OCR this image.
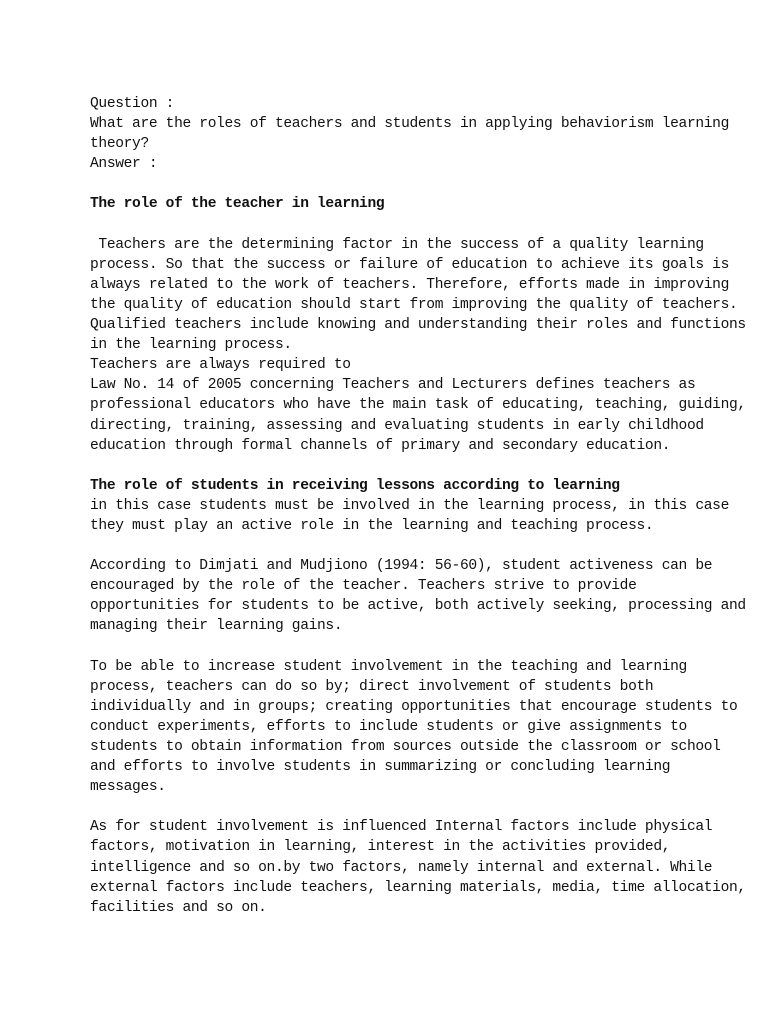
Question :
What are the roles of teachers and students in applying behaviorism learning
theory?
Answer :
The role of the teacher in learning
Teachers are the determining factor in the success of a quality learning
process. So that the success or failure of education to achieve its goals is
always related to the work of teachers. Therefore, efforts made in improving
the quality of education should start from improving the quality of teachers.
Qualified teachers include knowing and understanding their roles and functions
in the learning process.
Teachers are always required to
Law No. 14 of 2005 concerning Teachers and Lecturers defines teachers as
professional educators who have the main task of educating, teaching, guiding,
directing, training, assessing and evaluating students in early childhood
education through formal channels of primary and secondary education.
The role of students in receiving lessons according to learning
in this case students must be involved in the learning process, in this case
they must play an active role in the learning and teaching process.
According to Dimjati and Mudjiono (1994: 56-60), student activeness can be
encouraged by the role of the teacher. Teachers strive to provide
opportunities for students to be active, both actively seeking, processing and
managing their learning gains.
To be able to increase student involvement in the teaching and learning
process, teachers can do so by; direct involvement of students both
individually and in groups; creating opportunities that encourage students to
conduct experiments, efforts to include students or give assignments to
students to obtain information from sources outside the classroom or school
and efforts to involve students in summarizing or concluding learning
messages.
As for student involvement is influenced Internal factors include physical
factors, motivation in learning, interest in the activities provided,
intelligence and so on.by two factors, namely internal and external. While
external factors include teachers, learning materials, media, time allocation,
facilities and so on.
